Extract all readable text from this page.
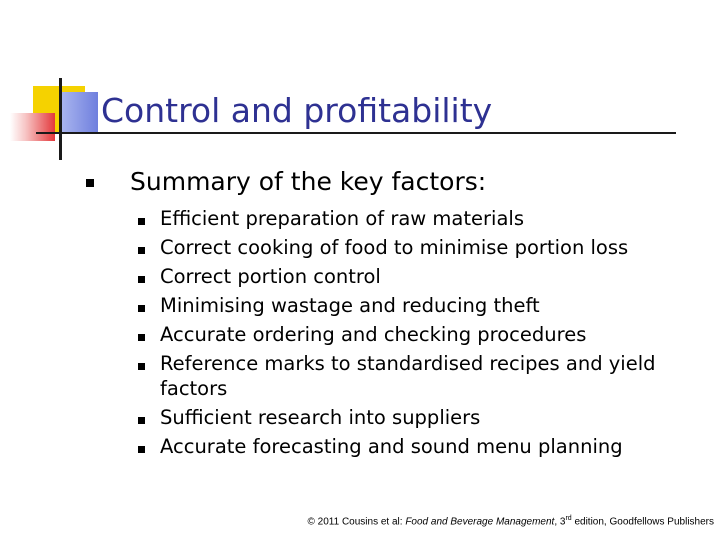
Control and profitability
Summary of the key factors:
Efficient preparation of raw materials
Correct cooking of food to minimise portion loss
Correct portion control
Minimising wastage and reducing theft
Accurate ordering and checking procedures
Reference marks to standardised recipes and yield factors
Sufficient research into suppliers
Accurate forecasting and sound menu planning
© 2011 Cousins et al: Food and Beverage Management, 3rd edition, Goodfellows Publishers
